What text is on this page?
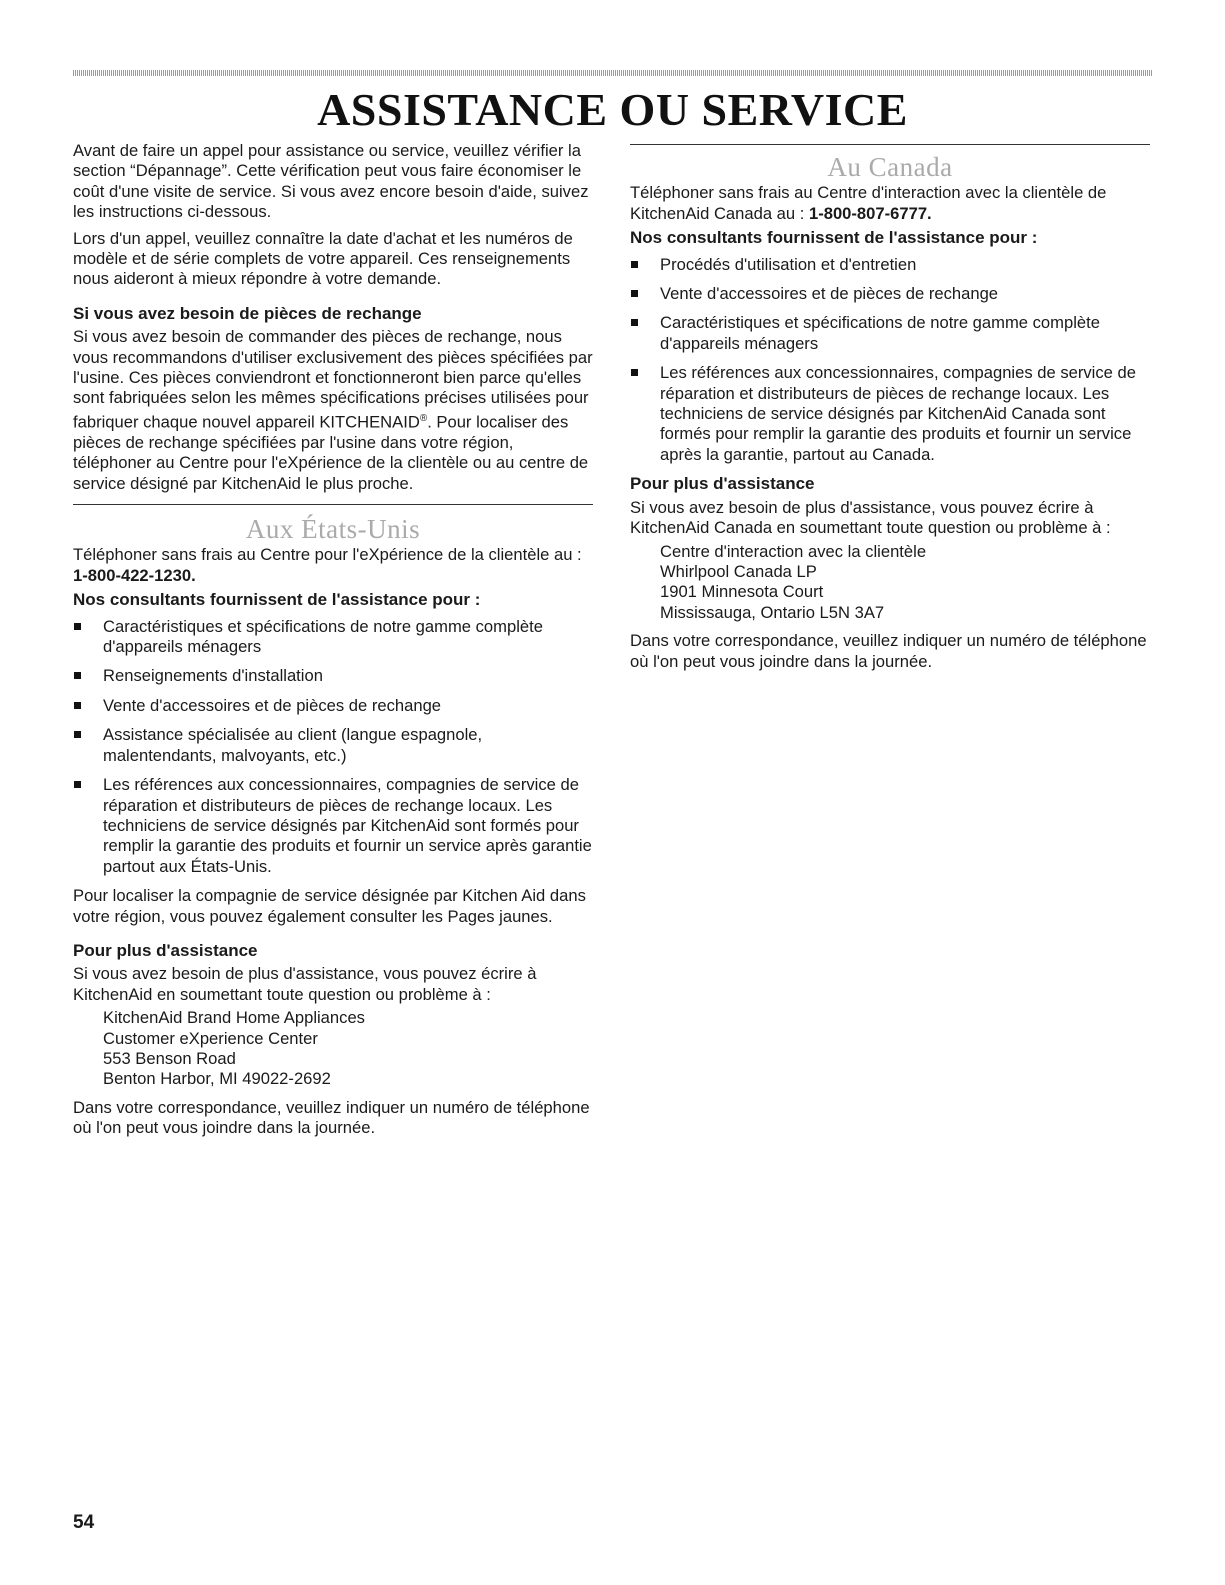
ASSISTANCE OU SERVICE

Avant de faire un appel pour assistance ou service, veuillez vérifier la section “Dépannage”. Cette vérification peut vous faire économiser le coût d'une visite de service. Si vous avez encore besoin d'aide, suivez les instructions ci-dessous.

Lors d'un appel, veuillez connaître la date d'achat et les numéros de modèle et de série complets de votre appareil. Ces renseignements nous aideront à mieux répondre à votre demande.

Si vous avez besoin de pièces de rechange

Si vous avez besoin de commander des pièces de rechange, nous vous recommandons d'utiliser exclusivement des pièces spécifiées par l'usine. Ces pièces conviendront et fonctionneront bien parce qu'elles sont fabriquées selon les mêmes spécifications précises utilisées pour fabriquer chaque nouvel appareil KITCHENAID®. Pour localiser des pièces de rechange spécifiées par l'usine dans votre région, téléphoner au Centre pour l'eXpérience de la clientèle ou au centre de service désigné par KitchenAid le plus proche.

Aux États-Unis

Téléphoner sans frais au Centre pour l'eXpérience de la clientèle au : 1-800-422-1230.

Nos consultants fournissent de l'assistance pour :
Caractéristiques et spécifications de notre gamme complète d'appareils ménagers
Renseignements d'installation
Vente d'accessoires et de pièces de rechange
Assistance spécialisée au client (langue espagnole, malentendants, malvoyants, etc.)
Les références aux concessionnaires, compagnies de service de réparation et distributeurs de pièces de rechange locaux. Les techniciens de service désignés par KitchenAid sont formés pour remplir la garantie des produits et fournir un service après garantie partout aux États-Unis.

Pour localiser la compagnie de service désignée par Kitchen Aid dans votre région, vous pouvez également consulter les Pages jaunes.

Pour plus d'assistance

Si vous avez besoin de plus d'assistance, vous pouvez écrire à KitchenAid en soumettant toute question ou problème à :

KitchenAid Brand Home Appliances
Customer eXperience Center
553 Benson Road
Benton Harbor, MI 49022-2692

Dans votre correspondance, veuillez indiquer un numéro de téléphone où l'on peut vous joindre dans la journée.

Au Canada

Téléphoner sans frais au Centre d'interaction avec la clientèle de KitchenAid Canada au : 1-800-807-6777.

Nos consultants fournissent de l'assistance pour :
Procédés d'utilisation et d'entretien
Vente d'accessoires et de pièces de rechange
Caractéristiques et spécifications de notre gamme complète d'appareils ménagers
Les références aux concessionnaires, compagnies de service de réparation et distributeurs de pièces de rechange locaux. Les techniciens de service désignés par KitchenAid Canada sont formés pour remplir la garantie des produits et fournir un service après la garantie, partout au Canada.
Pour plus d'assistance

Si vous avez besoin de plus d'assistance, vous pouvez écrire à KitchenAid Canada en soumettant toute question ou problème à :

Centre d'interaction avec la clientèle
Whirlpool Canada LP
1901 Minnesota Court
Mississauga, Ontario L5N 3A7

Dans votre correspondance, veuillez indiquer un numéro de téléphone où l'on peut vous joindre dans la journée.

54
